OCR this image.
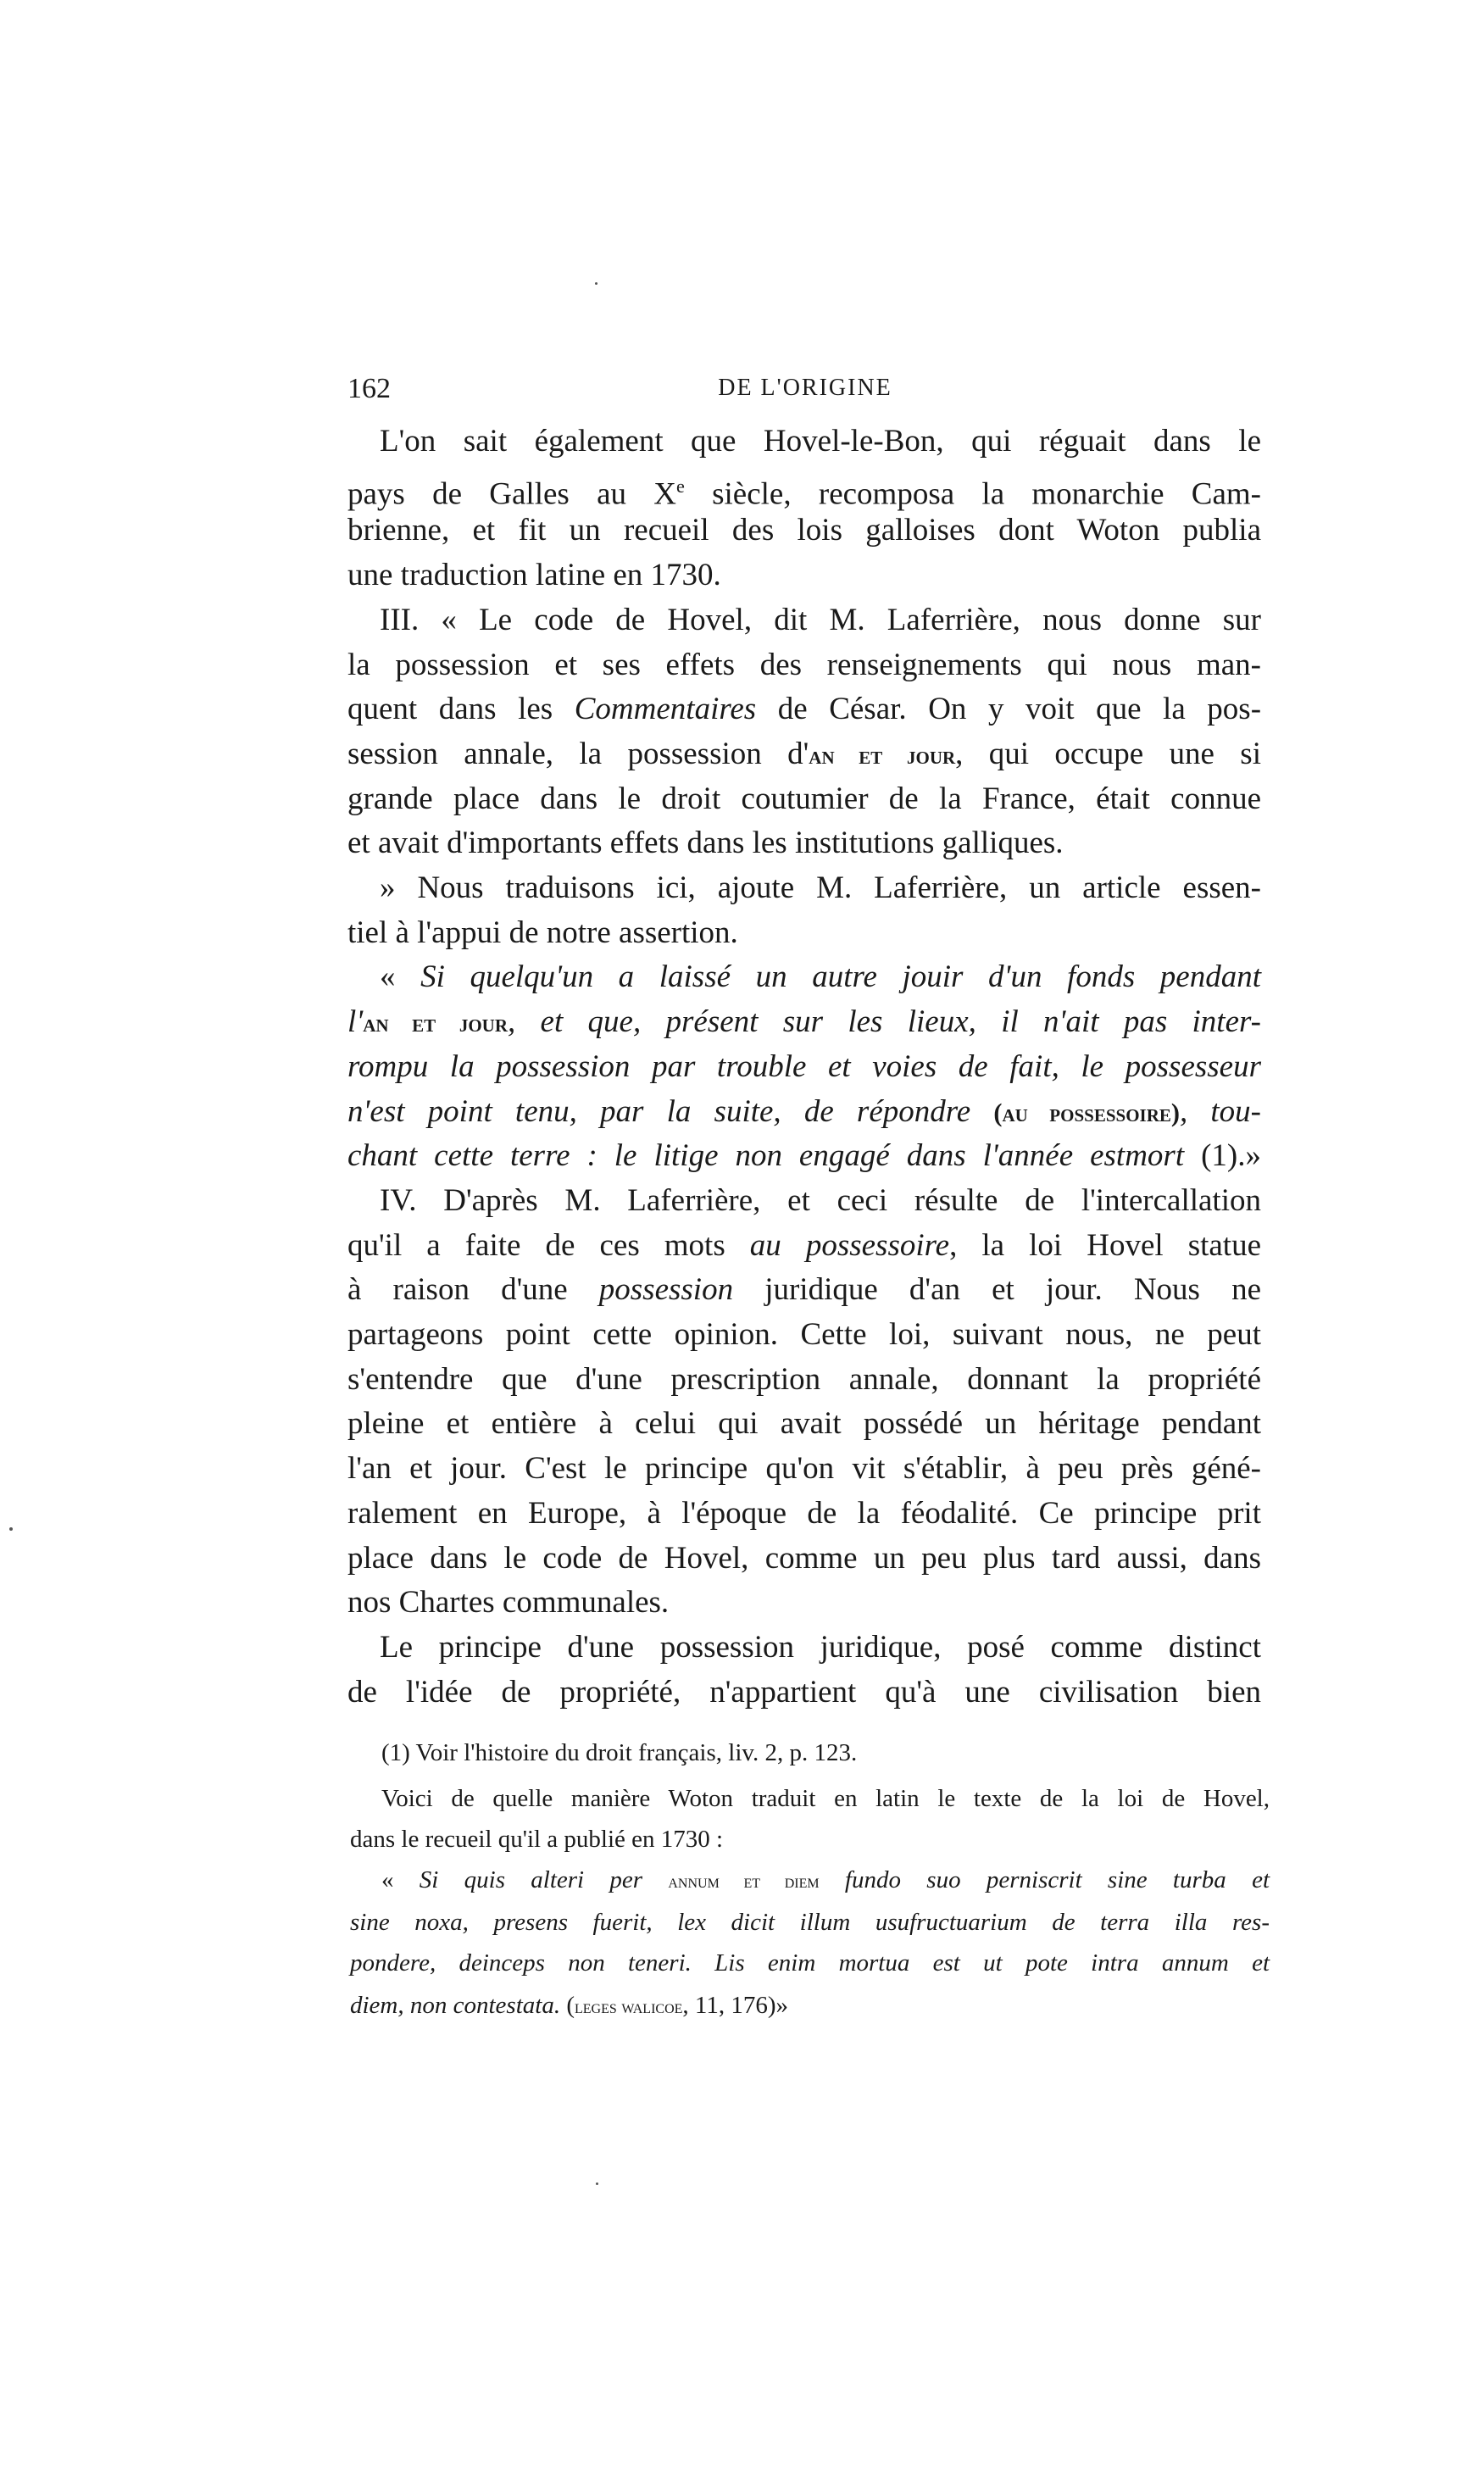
162	DE L'ORIGINE
L'on sait également que Hovel-le-Bon, qui réguait dans le
pays de Galles au Xe siècle, recomposa la monarchie Cam-
brienne, et fit un recueil des lois galloises dont Woton publia
une traduction latine en 1730.
III. « Le code de Hovel, dit M. Laferrière, nous donne sur
la possession et ses effets des renseignements qui nous man-
quent dans les Commentaires de César. On y voit que la pos-
session annale, la possession d'an et jour, qui occupe une si
grande place dans le droit coutumier de la France, était connue
et avait d'importants effets dans les institutions galliques.
» Nous traduisons ici, ajoute M. Laferrière, un article essen-
tiel à l'appui de notre assertion.
« Si quelqu'un a laissé un autre jouir d'un fonds pendant
l'an et jour, et que, présent sur les lieux, il n'ait pas inter-
rompu la possession par trouble et voies de fait, le possesseur
n'est point tenu, par la suite, de répondre (au possessoire), tou-
chant cette terre : le litige non engagé dans l'année estmort (1).»
IV. D'après M. Laferrière, et ceci résulte de l'intercallation
qu'il a faite de ces mots au possessoire, la loi Hovel statue
à raison d'une possession juridique d'an et jour. Nous ne
partageons point cette opinion. Cette loi, suivant nous, ne peut
s'entendre que d'une prescription annale, donnant la propriété
pleine et entière à celui qui avait possédé un héritage pendant
l'an et jour. C'est le principe qu'on vit s'établir, à peu près géné-
ralement en Europe, à l'époque de la féodalité. Ce principe prit
place dans le code de Hovel, comme un peu plus tard aussi, dans
nos Chartes communales.
Le principe d'une possession juridique, posé comme distinct
de l'idée de propriété, n'appartient qu'à une civilisation bien
(1) Voir l'histoire du droit français, liv. 2, p. 123.
Voici de quelle manière Woton traduit en latin le texte de la loi de Hovel,
dans le recueil qu'il a publié en 1730 :
« Si quis alteri per annum et diem fundo suo perniscrit sine turba et
sine noxa, presens fuerit, lex dicit illum usufructuarium de terra illa res-
pondere, deinceps non teneri. Lis enim mortua est ut pote intra annum et
diem, non contestata. (leges walicoe, 11, 176)»
